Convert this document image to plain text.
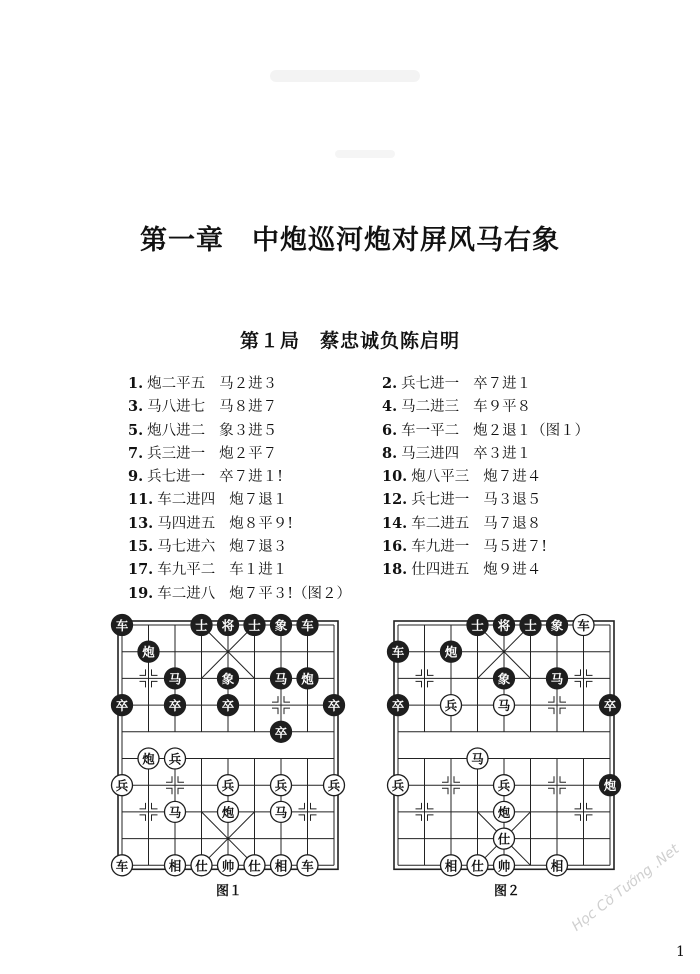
第一章　中炮巡河炮对屏风马右象
第１局　蔡忠诚负陈启明
1. 炮二平五 马２进３
3. 马八进七 马８进７
5. 炮八进二 象３进５
7. 兵三进一 炮２平７
9. 兵七进一 卒７进１!
11. 车二进四 炮７退１
13. 马四进五 炮８平９!
15. 马七进六 炮７退３
17. 车九平二 车１进１
19. 车二进八 炮７平３!（图２）
2. 兵七进一 卒７进１
4. 马二进三 车９平８
6. 车一平二 炮２退１（图１）
8. 马三进四 卒３进１
10. 炮八平三 炮７进４
12. 兵七进一 马３退５
14. 车二进五 马７退８
16. 车九进一 马５进７!
18. 仕四进五 炮９进４
车	士 将 士 象 车
炮
马	象	马 炮
卒	卒	卒	卒
卒
炮 兵
兵	兵	兵	兵
马	炮	马
车	相 仕 帅 仕 相 车
士 将 士 象 车
车	炮
象	马
卒	兵	马	卒
马
兵	兵	炮
炮
仕
相 仕 帅	相
图１	图２
1
Học Cờ Tướng .Net
